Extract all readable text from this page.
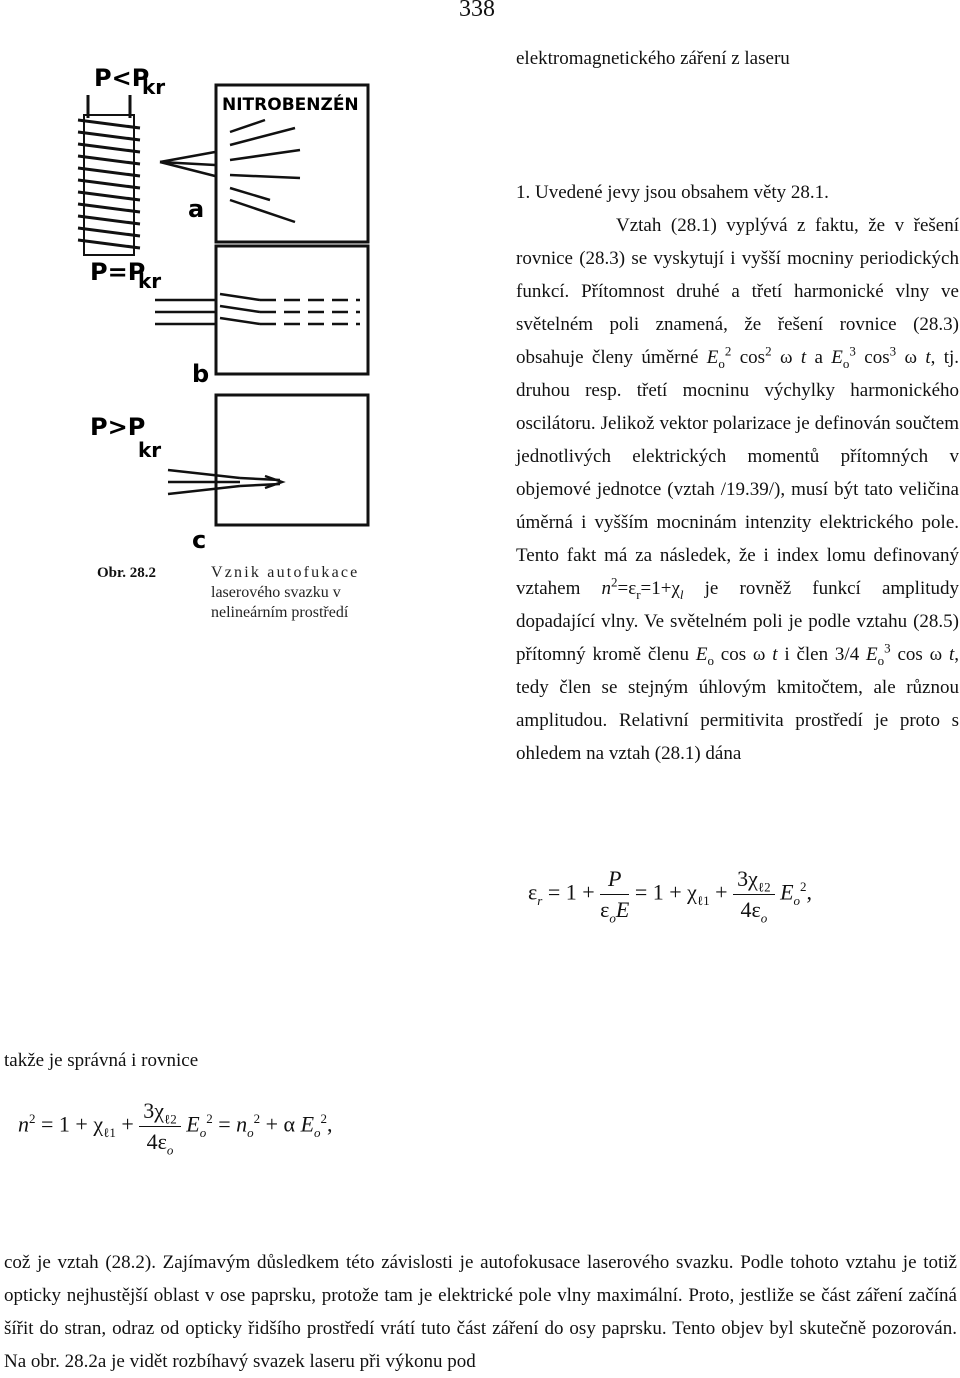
338
elektromagnetického záření z laseru
P<P
kr
NITROBENZÉN
a
P=P
kr
b
P>P
kr
c
Obr. 28.2	Vznik autofukace laserového svazku v nelineárním prostředí

1. Uvedené jevy jsou obsahem věty 28.1.

Vztah (28.1) vyplývá z faktu, že v řešení rovnice (28.3) se vyskytují i vyšší mocniny periodických funkcí. Přítomnost druhé a třetí harmonické vlny ve světelném poli znamená, že řešení rovnice (28.3) obsahuje členy úměrné $E_o^2$ $\cos^2 \omega$ t a $E_o^3$ $\cos^3 \omega$ t, tj. druhou resp. třetí mocninu výchylky harmonického oscilátoru. Jelikož vektor polarizace je definován součtem jednotlivých elektrických momentů přítomných v objemové jednotce (vztah /19.39/), musí být tato veličina úměrná i vyšším mocninám intenzity elektrického pole. Tento fakt má za následek, že i index lomu definovaný vztahem $n^2=\varepsilon_r=1+\chi_l$ je rovněž funkcí amplitudy dopadající vlny. Ve světelném poli je podle vztahu (28.5) přítomný kromě členu $E_o$ cos ω t i člen 3/4 $E_o^3$ cos ω t, tedy člen se stejným úhlovým kmitočtem, ale různou amplitudou. Relativní permitivita prostředí je proto s ohledem na vztah (28.1) dána

$\varepsilon_r = 1 + \frac{P}{\varepsilon_oE} = 1 + \chi_{\ell 1} + \frac{3\chi_{\ell 2}}{4\varepsilon_o} E_o^2$,
takže je správná i rovnice
$n^2 = 1 + \chi_{\ell 1} + \frac{3\chi_{\ell 2}}{4\varepsilon_o} E_o^2 = n_o^2 + \alpha$ $E_o^2$,
což je vztah (28.2). Zajímavým důsledkem této závislosti je autofokusace laserového svazku. Podle tohoto vztahu je totiž opticky nejhustější oblast v ose paprsku, protože tam je elektrické pole vlny maximální. Proto, jestliže se část záření začíná šířit do stran, odraz od opticky řidšího prostředí vrátí tuto část záření do osy paprsku. Tento objev byl skutečně pozorován. Na obr. 28.2a je vidět rozbíhavý svazek laseru při výkonu pod
